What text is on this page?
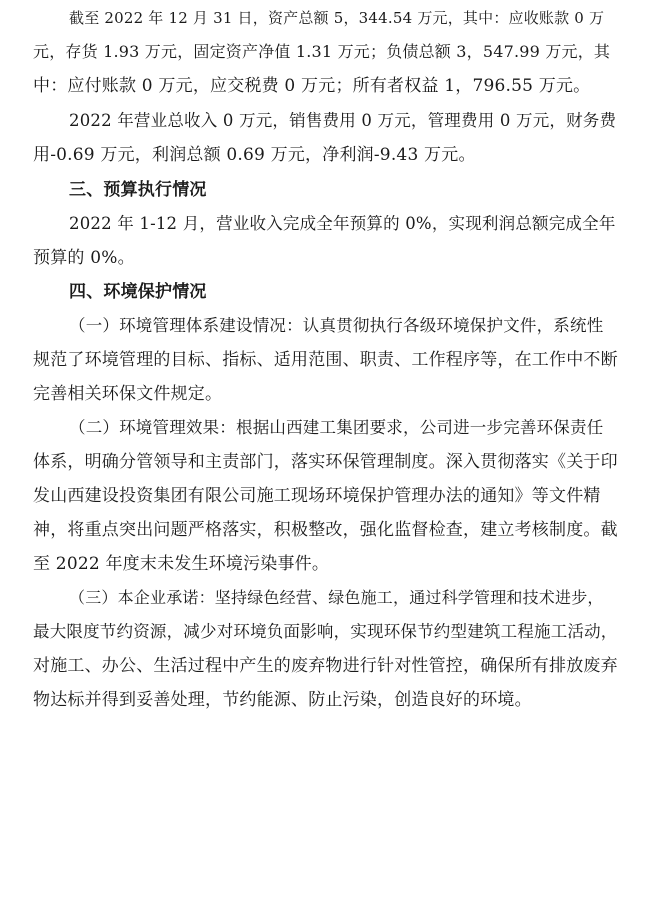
截至 2022 年 12 月 31 日，资产总额 5，344.54 万元，其中：应收账款 0 万
元，存货 1.93 万元，固定资产净值 1.31 万元；负债总额 3，547.99 万元，其
中：应付账款 0 万元，应交税费 0 万元；所有者权益 1，796.55 万元。
2022 年营业总收入 0 万元，销售费用 0 万元，管理费用 0 万元，财务费
用-0.69 万元，利润总额 0.69 万元，净利润-9.43 万元。
三、预算执行情况
2022 年 1-12 月，营业收入完成全年预算的 0%，实现利润总额完成全年
预算的 0%。
四、环境保护情况
（一）环境管理体系建设情况：认真贯彻执行各级环境保护文件，系统性
规范了环境管理的目标、指标、适用范围、职责、工作程序等，在工作中不断
完善相关环保文件规定。
（二）环境管理效果：根据山西建工集团要求，公司进一步完善环保责任
体系，明确分管领导和主责部门，落实环保管理制度。深入贯彻落实《关于印
发山西建设投资集团有限公司施工现场环境保护管理办法的通知》等文件精
神，将重点突出问题严格落实，积极整改，强化监督检查，建立考核制度。截
至 2022 年度末未发生环境污染事件。
（三）本企业承诺：坚持绿色经营、绿色施工，通过科学管理和技术进步，
最大限度节约资源，减少对环境负面影响，实现环保节约型建筑工程施工活动，
对施工、办公、生活过程中产生的废弃物进行针对性管控，确保所有排放废弃
物达标并得到妥善处理，节约能源、防止污染，创造良好的环境。
